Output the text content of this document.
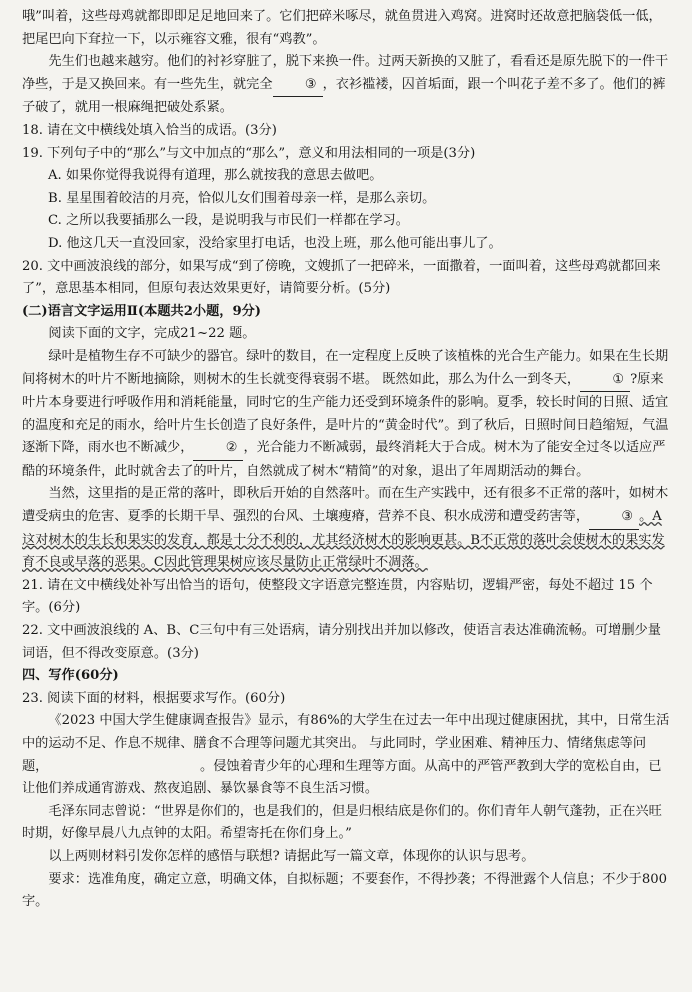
哦”叫着，这些母鸡就都即即足足地回来了。它们把碎米啄尽，就鱼贯进入鸡窝。进窝时还故意把脑袋低一低，把尾巴向下耷拉一下，以示雍容文雅，很有“鸡教”。

先生们也越来越穷。他们的衬衫穿脏了，脱下来换一件。过两天新换的又脏了，看看还是原先脱下的一件干净些，于是又换回来。有一些先生，就完全 ③ ，衣衫褴褛，囚首垢面，跟一个叫花子差不多了。他们的裤子破了，就用一根麻绳把破处系紧。

18. 请在文中横线处填入恰当的成语。(3分)

19. 下列句子中的“那么”与文中加点的“那么”，意义和用法相同的一项是(3分)

A. 如果你觉得我说得有道理，那么就按我的意思去做吧。

B. 星星围着皎洁的月亮，恰似儿女们围着母亲一样，是那么亲切。

C. 之所以我要插那么一段，是说明我与市民们一样都在学习。

D. 他这几天一直没回家，没给家里打电话，也没上班，那么他可能出事儿了。

20. 文中画波浪线的部分，如果写成“到了傍晚，文嫂抓了一把碎米，一面撒着，一面叫着，这些母鸡就都回来了”，意思基本相同，但原句表达效果更好，请简要分析。(5分)

(二)语言文字运用Ⅱ(本题共2小题，9分)

阅读下面的文字，完成21~22 题。

绿叶是植物生存不可缺少的器官。绿叶的数目，在一定程度上反映了该植株的光合生产能力。如果在生长期间将树木的叶片不断地摘除，则树木的生长就变得衰弱不堪。 既然如此，那么为什么一到冬天， ① ?原来叶片本身要进行呼吸作用和消耗能量，同时它的生产能力还受到环境条件的影响。夏季，较长时间的日照、适宜的温度和充足的雨水，给叶片生长创造了良好条件，是叶片的“黄金时代”。到了秋后，日照时间日趋缩短，气温逐渐下降，雨水也不断减少， ② ，光合能力不断减弱，最终消耗大于合成。树木为了能安全过冬以适应严酷的环境条件，此时就舍去了的叶片，自然就成了树木“精简”的对象，退出了年周期活动的舞台。

当然，这里指的是正常的落叶，即秋后开始的自然落叶。而在生产实践中，还有很多不正常的落叶，如树木遭受病虫的危害、夏季的长期干旱、强烈的台风、土壤瘦瘠，营养不良、积水成涝和遭受药害等， ③ 。A这对树木的生长和果实的发育，都是十分不利的，尤其经济树木的影响更甚。B不正常的落叶会使树木的果实发育不良或早落的恶果。C因此管理果树应该尽量防止正常绿叶不凋落。

21. 请在文中横线处补写出恰当的语句，使整段文字语意完整连贯，内容贴切，逻辑严密，每处不超过 15 个字。(6分)

22. 文中画波浪线的 A、B、C三句中有三处语病，请分别找出并加以修改，使语言表达准确流畅。可增删少量词语，但不得改变原意。(3分)

四、写作(60分)

23. 阅读下面的材料，根据要求写作。(60分)

《2023 中国大学生健康调查报告》显示，有86%的大学生在过去一年中出现过健康困扰，其中，日常生活中的运动不足、作息不规律、膳食不合理等问题尤其突出。 与此同时，学业困难、精神压力、情绪焦虑等问题，　　　　　　　　　　　　。侵蚀着青少年的心理和生理等方面。从高中的严管严教到大学的宽松自由，已让他们养成通宵游戏、熬夜追剧、暴饮暴食等不良生活习惯。

毛泽东同志曾说：“世界是你们的，也是我们的，但是归根结底是你们的。你们青年人朝气蓬勃，正在兴旺时期，好像早晨八九点钟的太阳。希望寄托在你们身上。”

以上两则材料引发你怎样的感悟与联想? 请据此写一篇文章，体现你的认识与思考。

要求：选准角度，确定立意，明确文体，自拟标题；不要套作，不得抄袭；不得泄露个人信息；不少于800字。
